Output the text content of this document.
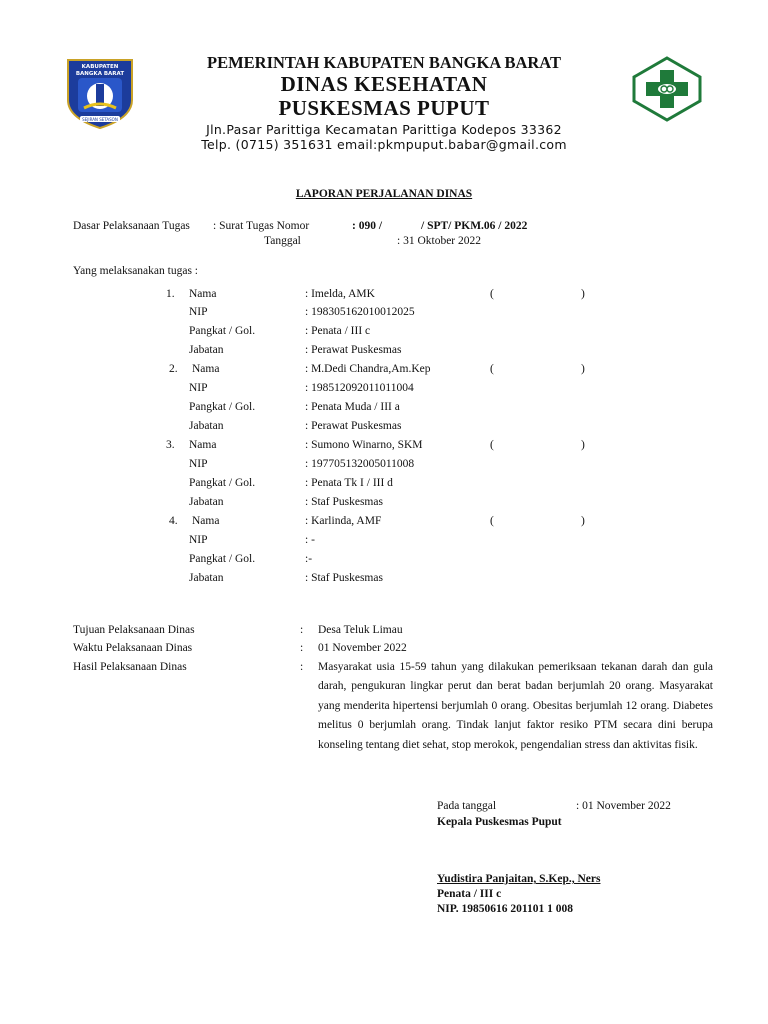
SEJIRAN SETASON
KABUPATEN
BANGKA BARAT
PEMERINTAH KABUPATEN BANGKA BARAT
DINAS KESEHATAN
PUSKESMAS PUPUT
Jln.Pasar Parittiga Kecamatan Parittiga Kodepos 33362
Telp. (0715) 351631 email:pkmpuput.babar@gmail.com
LAPORAN PERJALANAN DINAS
Dasar Pelaksanaan Tugas : Surat Tugas Nomor	: 090 /	/ SPT/ PKM.06 / 2022
Tanggal	: 31 Oktober 2022
Yang melaksanakan tugas :
1. Nama	: Imelda, AMK	(	)
NIP	: 198305162010012025
Pangkat / Gol.	: Penata / III c
Jabatan	: Perawat Puskesmas
2. Nama	: M.Dedi Chandra,Am.Kep	(	)
NIP	: 198512092011011004
Pangkat / Gol.	: Penata Muda / III a
Jabatan	: Perawat Puskesmas
3. Nama	: Sumono Winarno, SKM	(	)
NIP	: 197705132005011008
Pangkat / Gol.	: Penata Tk I / III d
Jabatan	: Staf Puskesmas
4. Nama	: Karlinda, AMF	(	)
NIP	: -
Pangkat / Gol.	:-
Jabatan	: Staf Puskesmas
Tujuan Pelaksanaan Dinas	: Desa Teluk Limau
Waktu Pelaksanaan Dinas	: 01 November 2022
Hasil Pelaksanaan Dinas	: Masyarakat usia 15-59 tahun yang dilakukan pemeriksaan tekanan darah dan gula darah, pengukuran lingkar perut dan berat badan berjumlah 20 orang. Masyarakat yang menderita hipertensi berjumlah 0 orang. Obesitas berjumlah 12 orang. Diabetes melitus 0 berjumlah orang. Tindak lanjut faktor resiko PTM secara dini berupa konseling tentang diet sehat, stop merokok, pengendalian stress dan aktivitas fisik.
Pada tanggal	: 01 November 2022
Kepala Puskesmas Puput
Yudistira Panjaitan, S.Kep., Ners
Penata / III c
NIP. 19850616 201101 1 008
